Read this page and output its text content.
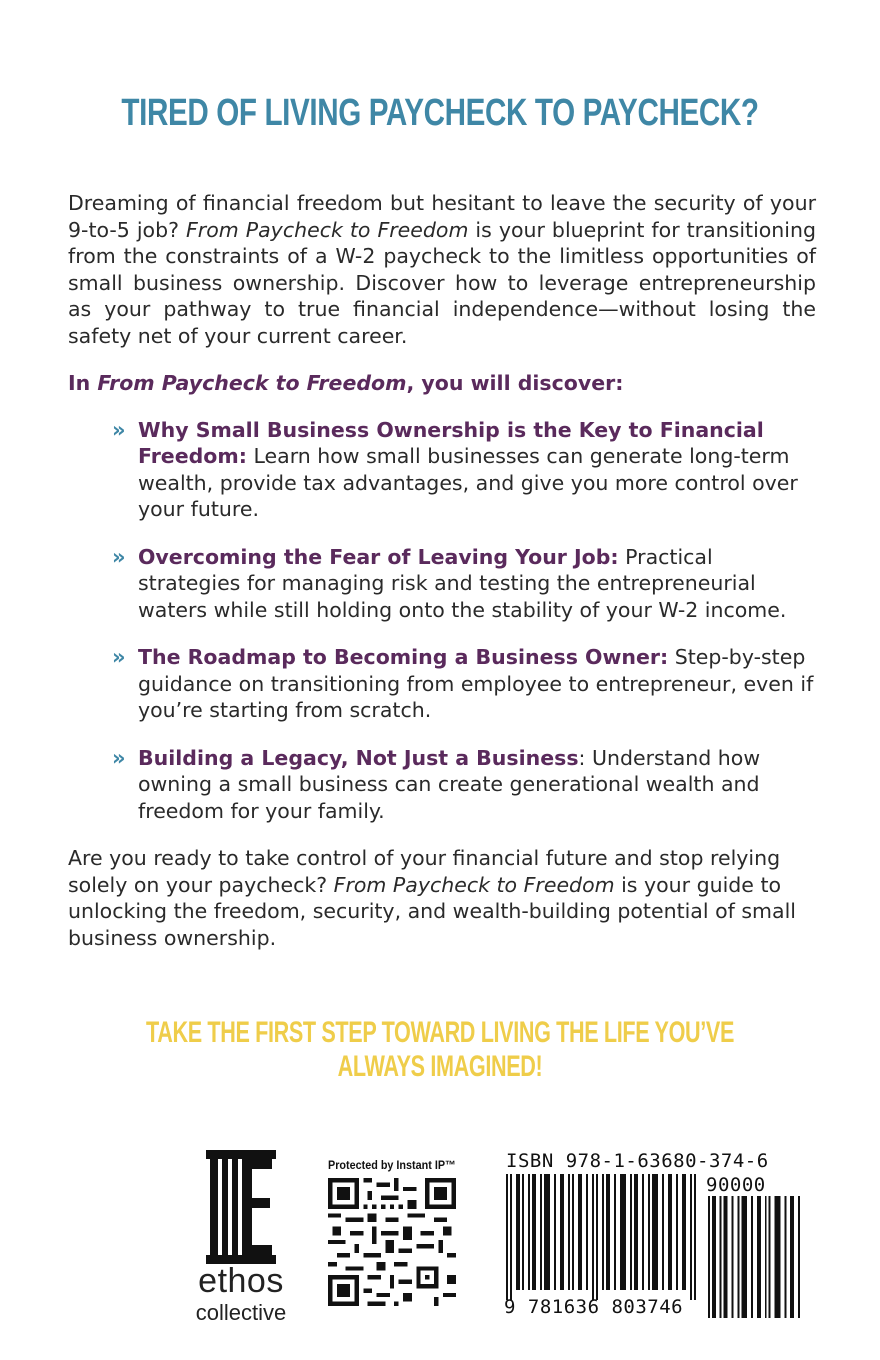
TIRED OF LIVING PAYCHECK TO PAYCHECK?

Dreaming of financial freedom but hesitant to leave the security of your 9-to-5 job? From Paycheck to Freedom is your blueprint for transitioning from the constraints of a W-2 paycheck to the limitless opportunities of small business ownership. Discover how to leverage entrepreneurship as your pathway to true financial independence—without losing the safety net of your current career.

In From Paycheck to Freedom, you will discover:

» Why Small Business Ownership is the Key to Financial Freedom: Learn how small businesses can generate long-term wealth, provide tax advantages, and give you more control over your future.
» Overcoming the Fear of Leaving Your Job: Practical strategies for managing risk and testing the entrepreneurial waters while still holding onto the stability of your W-2 income.
» The Roadmap to Becoming a Business Owner: Step-by-step guidance on transitioning from employee to entrepreneur, even if you’re starting from scratch.
» Building a Legacy, Not Just a Business: Understand how owning a small business can create generational wealth and freedom for your family.

Are you ready to take control of your financial future and stop relying solely on your paycheck? From Paycheck to Freedom is your guide to unlocking the freedom, security, and wealth-building potential of small business ownership.

TAKE THE FIRST STEP TOWARD LIVING THE LIFE YOU’VE ALWAYS IMAGINED!

ethos
collective
Protected by Instant IP™	ISBN 978-1-63680-374-6
90000
9 781636 803746
